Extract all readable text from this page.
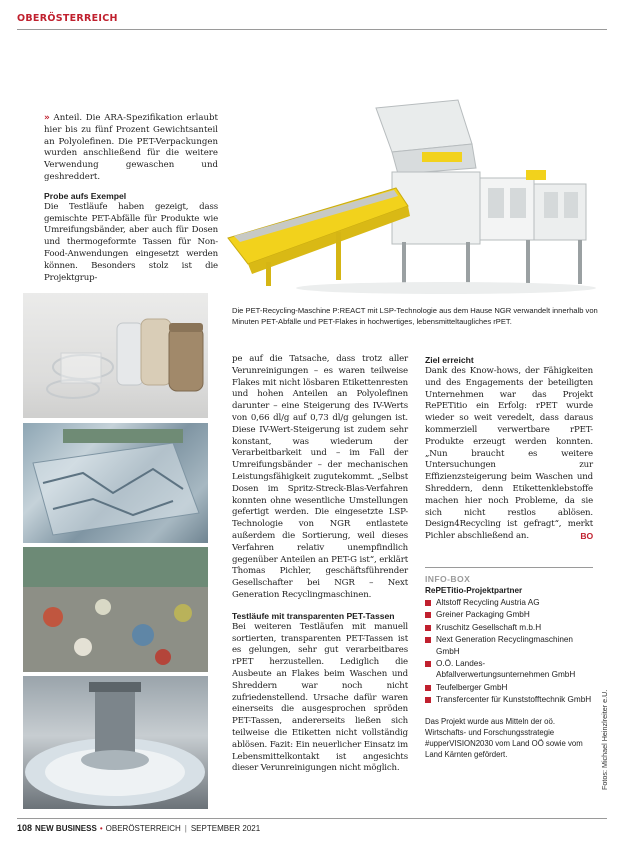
OBERÖSTERREICH

» Anteil. Die ARA-Spezifikation erlaubt hier bis zu fünf Prozent Gewichtsanteil an Polyolefinen. Die PET-Verpackungen wurden anschließend für die weitere Verwendung gewaschen und geshreddert.

Probe aufs Exempel

Die Testläufe haben gezeigt, dass gemischte PET-Abfälle für Produkte wie Umreifungsbänder, aber auch für Dosen und thermogeformte Tassen für Non-Food-Anwendungen eingesetzt werden können. Besonders stolz ist die Projektgrup-

Die PET-Recycling-Maschine P:REACT mit LSP-Technologie aus dem Hause NGR verwandelt innerhalb von Minuten PET-Abfälle und PET-Flakes in hochwertiges, lebensmitteltaugliches rPET.

pe auf die Tatsache, dass trotz aller Verunreinigungen – es waren teilweise Flakes mit nicht lösbaren Etikettenresten und hohen Anteilen an Polyolefinen darunter – eine Steigerung des IV-Werts von 0,66 dl/g auf 0,73 dl/g gelungen ist. Diese IV-Wert-Steigerung ist zudem sehr konstant, was wiederum der Verarbeitbarkeit und – im Fall der Umreifungsbänder – der mechanischen Leistungsfähigkeit zugutekommt. „Selbst Dosen im Spritz-Streck-Blas-Verfahren konnten ohne wesentliche Umstellungen gefertigt werden. Die eingesetzte LSP-Technologie von NGR entlastete außerdem die Sortierung, weil dieses Verfahren relativ unempfindlich gegenüber Anteilen an PET-G ist“, erklärt Thomas Pichler, geschäftsführender Gesellschafter bei NGR – Next Generation Recyclingmaschinen.

Testläufe mit transparenten PET-Tassen

Bei weiteren Testläufen mit manuell sortierten, transparenten PET-Tassen ist es gelungen, sehr gut verarbeitbares rPET herzustellen. Lediglich die Ausbeute an Flakes beim Waschen und Shreddern war noch nicht zufriedenstellend. Ursache dafür waren einerseits die ausgesprochen spröden PET-Tassen, andererseits ließen sich teilweise die Etiketten nicht vollständig ablösen. Fazit: Ein neuerlicher Einsatz im Lebensmittelkontakt ist angesichts dieser Verunreinigungen nicht möglich.

Ziel erreicht

Dank des Know-hows, der Fähigkeiten und des Engagements der beteiligten Unternehmen war das Projekt RePETitio ein Erfolg: rPET wurde wieder so weit veredelt, dass daraus kommerziell verwertbare rPET-Produkte erzeugt werden konnten. „Nun braucht es weitere Untersuchungen zur Effizienzsteigerung beim Waschen und Shreddern, denn Etikettenklebstoffe machen hier noch Probleme, da sie sich nicht restlos ablösen. Design4Recycling ist gefragt“, merkt Pichler abschließend an.	BO

INFO-BOX
RePETitio-Projektpartner
Altstoff Recycling Austria AG
Greiner Packaging GmbH
Kruschitz Gesellschaft m.b.H
Next Generation Recyclingmaschinen GmbH
O.Ö. Landes-Abfallverwertungsunternehmen GmbH
Teufelberger GmbH
Transfercenter für Kunststofftechnik GmbH

Das Projekt wurde aus Mitteln der oö. Wirtschafts- und Forschungsstrategie #upperVISION2030 vom Land OÖ sowie vom Land Kärnten gefördert.	Fotos: Michael Heinzlreiter e.U.
108 NEW BUSINESS • OBERÖSTERREICH | SEPTEMBER 2021
